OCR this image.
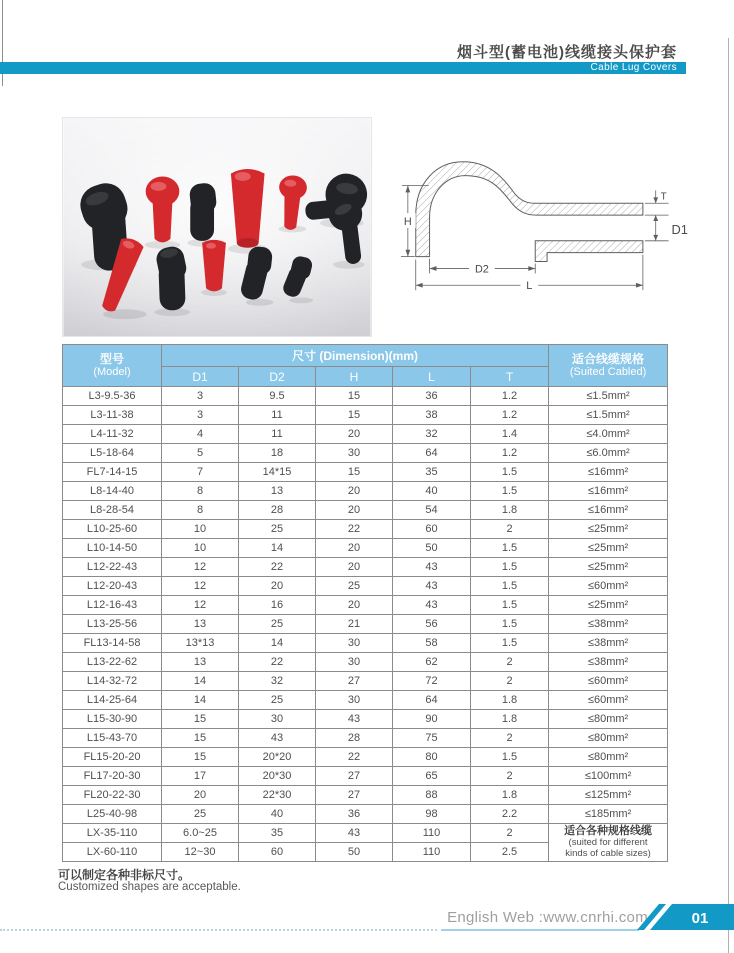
烟斗型(蓄电池)线缆接头保护套
Cable Lug Covers
H
T
D1
D2
L
型号
(Model)	尺寸 (Dimension)(mm)					适合线缆规格
(Suited Cabled)

	D1	D2	H	L	T	
L3-9.5-36	3	9.5	15	36	1.2	≤1.5mm²
L3-11-38	3	11	15	38	1.2	≤1.5mm²
L4-11-32	4	11	20	32	1.4	≤4.0mm²
L5-18-64	5	18	30	64	1.2	≤6.0mm²
FL7-14-15	7	14*15	15	35	1.5	≤16mm²
L8-14-40	8	13	20	40	1.5	≤16mm²
L8-28-54	8	28	20	54	1.8	≤16mm²
L10-25-60	10	25	22	60	2	≤25mm²
L10-14-50	10	14	20	50	1.5	≤25mm²
L12-22-43	12	22	20	43	1.5	≤25mm²
L12-20-43	12	20	25	43	1.5	≤60mm²
L12-16-43	12	16	20	43	1.5	≤25mm²
L13-25-56	13	25	21	56	1.5	≤38mm²
FL13-14-58	13*13	14	30	58	1.5	≤38mm²
L13-22-62	13	22	30	62	2	≤38mm²
L14-32-72	14	32	27	72	2	≤60mm²
L14-25-64	14	25	30	64	1.8	≤60mm²
L15-30-90	15	30	43	90	1.8	≤80mm²
L15-43-70	15	43	28	75	2	≤80mm²
FL15-20-20	15	20*20	22	80	1.5	≤80mm²
FL17-20-30	17	20*30	27	65	2	≤100mm²
FL20-22-30	20	22*30	27	88	1.8	≤125mm²
L25-40-98	25	40	36	98	2.2	≤185mm²
LX-35-110	6.0~25	35	43	110	2	适合各种规格线缆
(suited for different
kinds of cable sizes)
LX-60-110	12~30	60	50	110	2.5	
可以制定各种非标尺寸。
Customized shapes are acceptable.
English Web :www.cnrhi.com	01
